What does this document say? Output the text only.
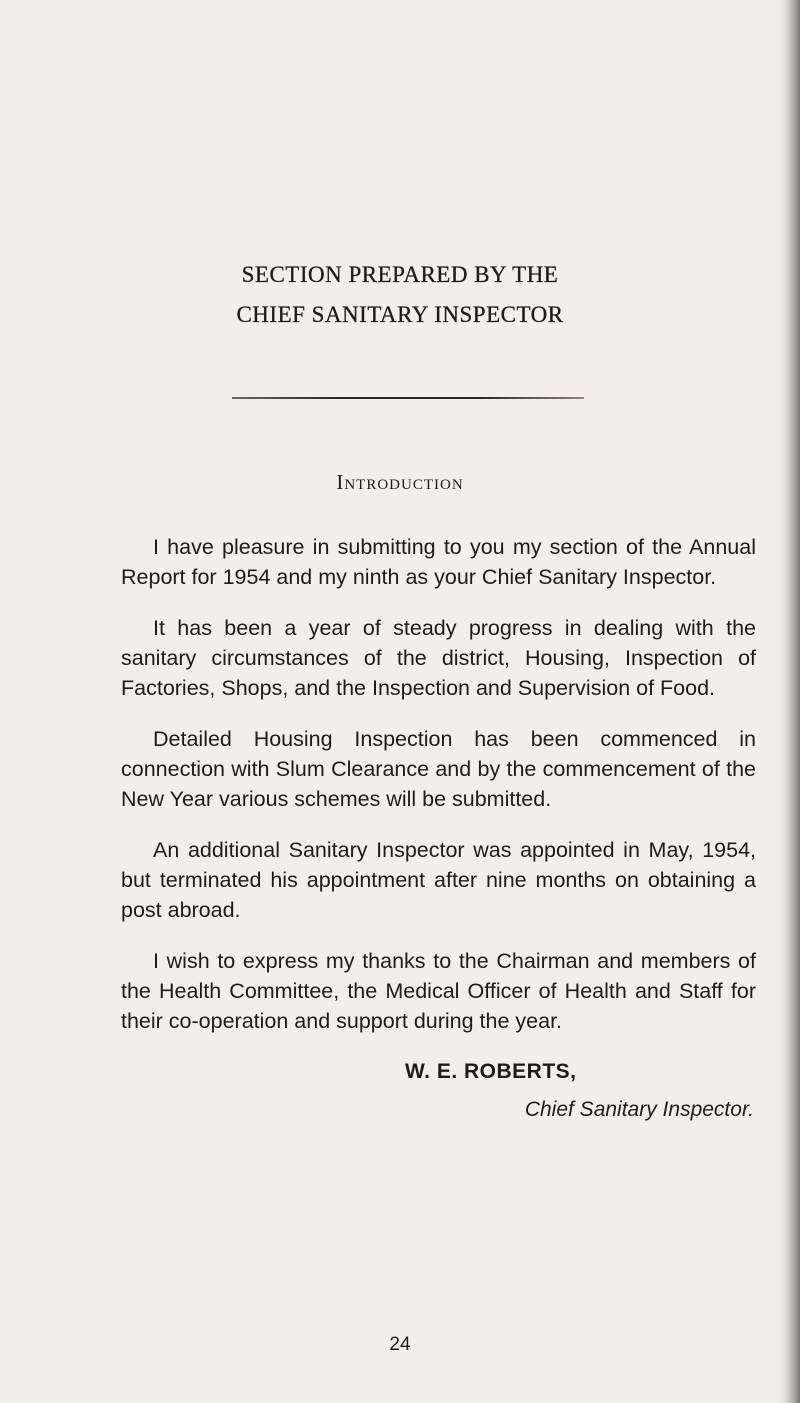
SECTION PREPARED BY THE
CHIEF SANITARY INSPECTOR
Introduction

I have pleasure in submitting to you my section of the Annual Report for 1954 and my ninth as your Chief Sanitary Inspector.

It has been a year of steady progress in dealing with the sanitary circumstances of the district, Housing, Inspection of Factories, Shops, and the Inspection and Supervision of Food.

Detailed Housing Inspection has been commenced in connection with Slum Clearance and by the commencement of the New Year various schemes will be submitted.

An additional Sanitary Inspector was appointed in May, 1954, but terminated his appointment after nine months on obtaining a post abroad.

I wish to express my thanks to the Chairman and members of the Health Committee, the Medical Officer of Health and Staff for their co-operation and support during the year.

W. E. ROBERTS,
Chief Sanitary Inspector.
24
